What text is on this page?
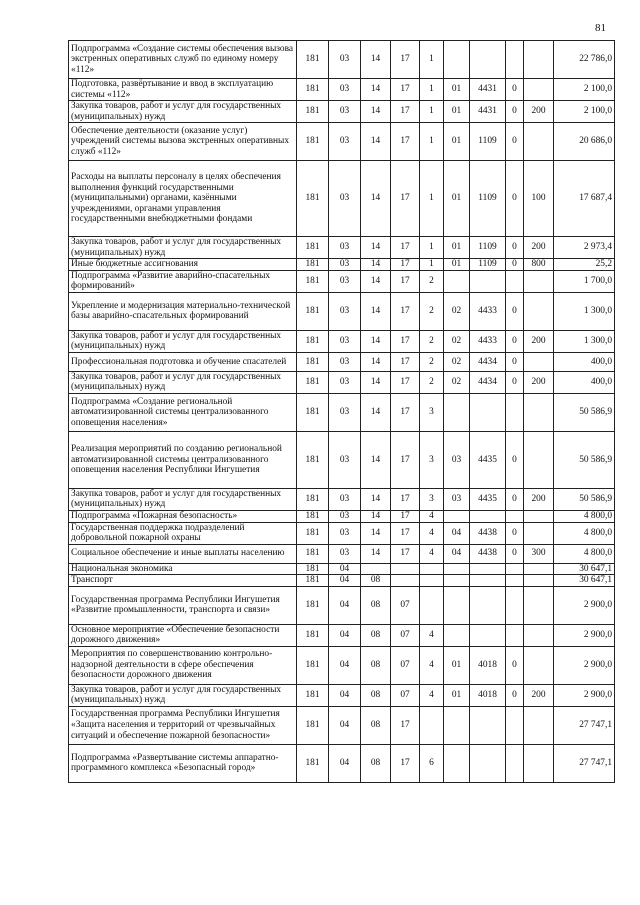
81
Подпрограмма «Создание системы обеспечения вызова экстренных оперативных служб по единому номеру «112»	181	03	14	17	1					22 786,0
Подготовка, развёртывание и ввод в эксплуатацию системы «112»	181	03	14	17	1	01	4431	0		2 100,0
Закупка товаров, работ и услуг для государственных (муниципальных) нужд	181	03	14	17	1	01	4431	0	200	2 100,0
Обеспечение деятельности (оказание услуг) учреждений системы вызова экстренных оперативных служб «112»	181	03	14	17	1	01	1109	0		20 686,0
Расходы на выплаты персоналу в целях обеспечения выполнения функций государственными (муниципальными) органами, казёнными учреждениями, органами управления государственными внебюджетными фондами	181	03	14	17	1	01	1109	0	100	17 687,4
Закупка товаров, работ и услуг для государственных (муниципальных) нужд	181	03	14	17	1	01	1109	0	200	2 973,4
Иные бюджетные ассигнования	181	03	14	17	1	01	1109	0	800	25,2
Подпрограмма «Развитие аварийно-спасательных формирований»	181	03	14	17	2					1 700,0
Укрепление и модернизация материально-технической базы аварийно-спасательных формирований	181	03	14	17	2	02	4433	0		1 300,0
Закупка товаров, работ и услуг для государственных (муниципальных) нужд	181	03	14	17	2	02	4433	0	200	1 300,0
Профессиональная подготовка и обучение спасателей	181	03	14	17	2	02	4434	0		400,0
Закупка товаров, работ и услуг для государственных (муниципальных) нужд	181	03	14	17	2	02	4434	0	200	400,0
Подпрограмма «Создание региональной автоматизированной системы централизованного оповещения населения»	181	03	14	17	3					50 586,9
Реализация мероприятий по созданию региональной автоматизированной системы централизованного оповещения населения Республики Ингушетия	181	03	14	17	3	03	4435	0		50 586,9
Закупка товаров, работ и услуг для государственных (муниципальных) нужд	181	03	14	17	3	03	4435	0	200	50 586,9
Подпрограмма «Пожарная безопасность»	181	03	14	17	4					4 800,0
Государственная поддержка подразделений добровольной пожарной охраны	181	03	14	17	4	04	4438	0		4 800,0
Социальное обеспечение и иные выплаты населению	181	03	14	17	4	04	4438	0	300	4 800,0
Национальная экономика	181	04								30 647,1
Транспорт	181	04	08							30 647,1
Государственная программа Республики Ингушетия «Развитие промышленности, транспорта и связи»	181	04	08	07						2 900,0
Основное мероприятие «Обеспечение безопасности дорожного движения»	181	04	08	07	4					2 900,0
Мероприятия по совершенствованию контрольно-надзорной деятельности в сфере обеспечения безопасности дорожного движения	181	04	08	07	4	01	4018	0		2 900,0
Закупка товаров, работ и услуг для государственных (муниципальных) нужд	181	04	08	07	4	01	4018	0	200	2 900,0
Государственная программа Республики Ингушетия «Защита населения и территорий от чрезвычайных ситуаций и обеспечение пожарной безопасности»	181	04	08	17						27 747,1
Подпрограмма «Развертывание системы аппаратно-программного комплекса «Безопасный город»	181	04	08	17	6					27 747,1
